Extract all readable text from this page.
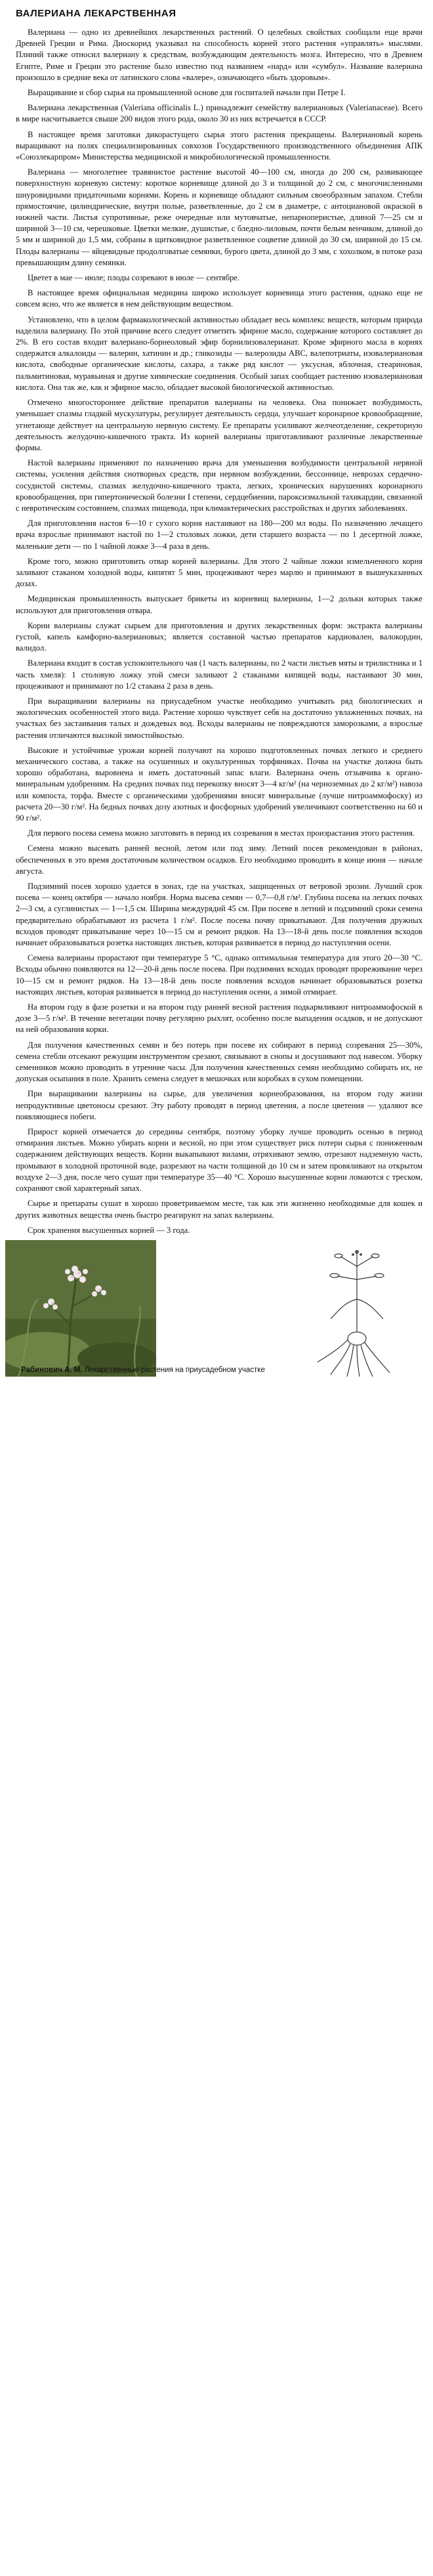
ВАЛЕРИАНА ЛЕКАРСТВЕННАЯ

Валериана — одно из древнейших лекарственных растений. О целебных свойствах сообщали еще врачи Древней Греции и Рима. Диоскорид указывал на способность корней этого растения «управлять» мыслями. Плиний также относил валериану к средствам, возбуждающим деятельность мозга. Интересно, что в Древнем Египте, Риме и Греции это растение было известно под названием «нард» или «сумбул». Название валериана произошло в средние века от латинского слова «валере», означающего «быть здоровым».

Выращивание и сбор сырья на промышленной основе для госпиталей начали при Петре I.

Валериана лекарственная (Valeriana officinalis L.) принадлежит семейству валериановых (Valerianaceae). Всего в мире насчитывается свыше 200 видов этого рода, около 30 из них встречается в СССР.

В настоящее время заготовки дикорастущего сырья этого растения прекращены. Валериановый корень выращивают на полях специализированных совхозов Государственного производственного объединения АПК «Союзлекарпром» Министерства медицинской и микробиологической промышленности.

Валериана — многолетнее травянистое растение высотой 40—100 см, иногда до 200 см, развивающее поверхностную корневую систему: короткое корневище длиной до 3 и толщиной до 2 см, с многочисленными шнуровидными придаточными корнями. Корень и корневище обладают сильным своеобразным запахом. Стебли прямостоячие, цилиндрические, внутри полые, разветвленные, до 2 см в диаметре, с антоциановой окраской в нижней части. Листья супротивные, реже очередные или мутовчатые, непарноперистые, длиной 7—25 см и шириной 3—10 см, черешковые. Цветки мелкие, душистые, с бледно-лиловым, почти белым венчиком, длиной до 5 мм и шириной до 1,5 мм, собраны в щитковидное разветвленное соцветие длиной до 30 см, шириной до 15 см. Плоды валерианы — яйцевидные продолговатые семянки, бурого цвета, длиной до 3 мм, с хохолком, в потоке раза превышающим длину семянки.

Цветет в мае — июле; плоды созревают в июле — сентябре.

В настоящее время официальная медицина широко использует корневища этого растения, однако еще не совсем ясно, что же является в нем действующим веществом.

Установлено, что в целом фармакологической активностью обладает весь комплекс веществ, которым природа наделила валериану. По этой причине всего следует отметить эфирное масло, содержание которого составляет до 2%. В его состав входит валериано-борнеоловый эфир борнилизовалерианат. Кроме эфирного масла в корнях содержатся алкалоиды — валерин, хатинин и др.; гликозиды — валерозиды АВС, валепотриаты, изовалериановая кислота, свободные органические кислоты, сахара, а также ряд кислот — уксусная, яблочная, стеариновая, пальмитиновая, муравьиная и другие химические соединения. Особый запах сообщает растению изовалериановая кислота. Она так же, как и эфирное масло, обладает высокой биологической активностью.

Отмечено многостороннее действие препаратов валерианы на человека. Она понижает возбудимость, уменьшает спазмы гладкой мускулатуры, регулирует деятельность сердца, улучшает коронарное кровообращение, угнетающе действует на центральную нервную систему. Ее препараты усиливают желчеотделение, секреторную деятельность желудочно-кишечного тракта. Из корней валерианы приготавливают различные лекарственные формы.

Настой валерианы применяют по назначению врача для уменьшения возбудимости центральной нервной системы, усиления действия снотворных средств, при нервном возбуждении, бессоннице, неврозах сердечно-сосудистой системы, спазмах желудочно-кишечного тракта, легких, хронических нарушениях коронарного кровообращения, при гипертонической болезни I степени, сердцебиении, пароксизмальной тахикардии, связанной с невротическим состоянием, спазмах пищевода, при климактерических расстройствах и других заболеваниях.

Для приготовления настоя 6—10 г сухого корня настаивают на 180—200 мл воды. По назначению лечащего врача взрослые принимают настой по 1—2 столовых ложки, дети старшего возраста — по 1 десертной ложке, маленькие дети — по 1 чайной ложке 3—4 раза в день.

Кроме того, можно приготовить отвар корней валерианы. Для этого 2 чайные ложки измельченного корня заливают стаканом холодной воды, кипятят 5 мин, процеживают через марлю и принимают в вышеуказанных дозах.

Медицинская промышленность выпускает брикеты из корневищ валерианы, 1—2 дольки которых также используют для приготовления отвара.

Корни валерианы служат сырьем для приготовления и других лекарственных форм: экстракта валерианы густой, капель камфорно-валериановых; является составной частью препаратов кардиовален, валокордин, валидол.

Валериана входит в состав успокоительного чая (1 часть валерианы, по 2 части листьев мяты и трилистника и 1 часть хмеля): 1 столовую ложку этой смеси заливают 2 стаканами кипящей воды, настаивают 30 мин, процеживают и принимают по 1/2 стакана 2 раза в день.

При выращивании валерианы на приусадебном участке необходимо учитывать ряд биологических и экологических особенностей этого вида. Растение хорошо чувствует себя на достаточно увлажненных почвах, на участках без застаивания талых и дождевых вод. Всходы валерианы не повреждаются заморозками, а взрослые растения отличаются высокой зимостойкостью.

Высокие и устойчивые урожаи корней получают на хорошо подготовленных почвах легкого и среднего механического состава, а также на осушенных и окультуренных торфяниках. Почва на участке должна быть хорошо обработана, выровнена и иметь достаточный запас влаги. Валериана очень отзывчива к органо-минеральным удобрениям. На средних почвах под перекопку вносят 3—4 кг/м² (на черноземных до 2 кг/м²) навоза или компоста, торфа. Вместе с органическими удобрениями вносят минеральные (лучше нитроаммофоску) из расчета 20—30 г/м². На бедных почвах дозу азотных и фосфорных удобрений увеличивают соответственно на 60 и 90 г/м².

Для первого посева семена можно заготовить в период их созревания в местах произрастания этого растения.

Семена можно высевать ранней весной, летом или под зиму. Летний посев рекомендован в районах, обеспеченных в это время достаточным количеством осадков. Его необходимо проводить в конце июня — начале августа.

Подзимний посев хорошо удается в зонах, где на участках, защищенных от ветровой эрозии. Лучший срок посева — конец октября — начало ноября. Норма высева семян — 0,7—0,8 г/м². Глубина посева на легких почвах 2—3 см, а суглинистых — 1—1,5 см. Ширина междурядий 45 см. При посеве в летний и подзимний сроки семена предварительно обрабатывают из расчета 1 г/м². После посева почву прикатывают. Для получения дружных всходов проводят прикатывание через 10—15 см и ремонт рядков. На 13—18-й день после появления всходов начинает образовываться розетка настоящих листьев, которая развивается в период до наступления осени.

Семена валерианы прорастают при температуре 5 °C, однако оптимальная температура для этого 20—30 °C. Всходы обычно появляются на 12—20-й день после посева. При подзимних всходах проводят прореживание через 10—15 см и ремонт рядков. На 13—18-й день после появления всходов начинает образовываться розетка настоящих листьев, которая развивается в период до наступления осени, а зимой отмирает.

На втором году в фазе розетки и на втором году ранней весной растения подкармливают нитроаммофоской в дозе 3—5 г/м². В течение вегетации почву регулярно рыхлят, особенно после выпадения осадков, и не допускают на ней образования корки.

Для получения качественных семян и без потерь при посеве их собирают в период созревания 25—30%, семена стебли отсекают режущим инструментом срезают, связывают в снопы и досушивают под навесом. Уборку семенников можно проводить в утренние часы. Для получения качественных семян необходимо собирать их, не допуская осыпания в поле. Хранить семена следует в мешочках или коробках в сухом помещении.

При выращивании валерианы на сырье, для увеличения корнеобразования, на втором году жизни непродуктивные цветоносы срезают. Эту работу проводят в период цветения, а после цветения — удаляют все появляющиеся побеги.

Прирост корней отмечается до середины сентября, поэтому уборку лучше проводить осенью в период отмирания листьев. Можно убирать корни и весной, но при этом существует риск потери сырья с пониженным содержанием действующих веществ. Корни выкапывают вилами, отряхивают землю, отрезают надземную часть, промывают в холодной проточной воде, разрезают на части толщиной до 10 см и затем провяливают на открытом воздухе 2—3 дня, после чего сушат при температуре 35—40 °C. Хорошо высушенные корни ломаются с треском, сохраняют свой характерный запах.

Сырье и препараты сушат в хорошо проветриваемом месте, так как эти жизненно необходимые для кошек и других животных вещества очень быстро реагируют на запах валерианы.

Срок хранения высушенных корней — 3 года.

Рабинович А. М. Лекарственные растения на приусадебном участке
